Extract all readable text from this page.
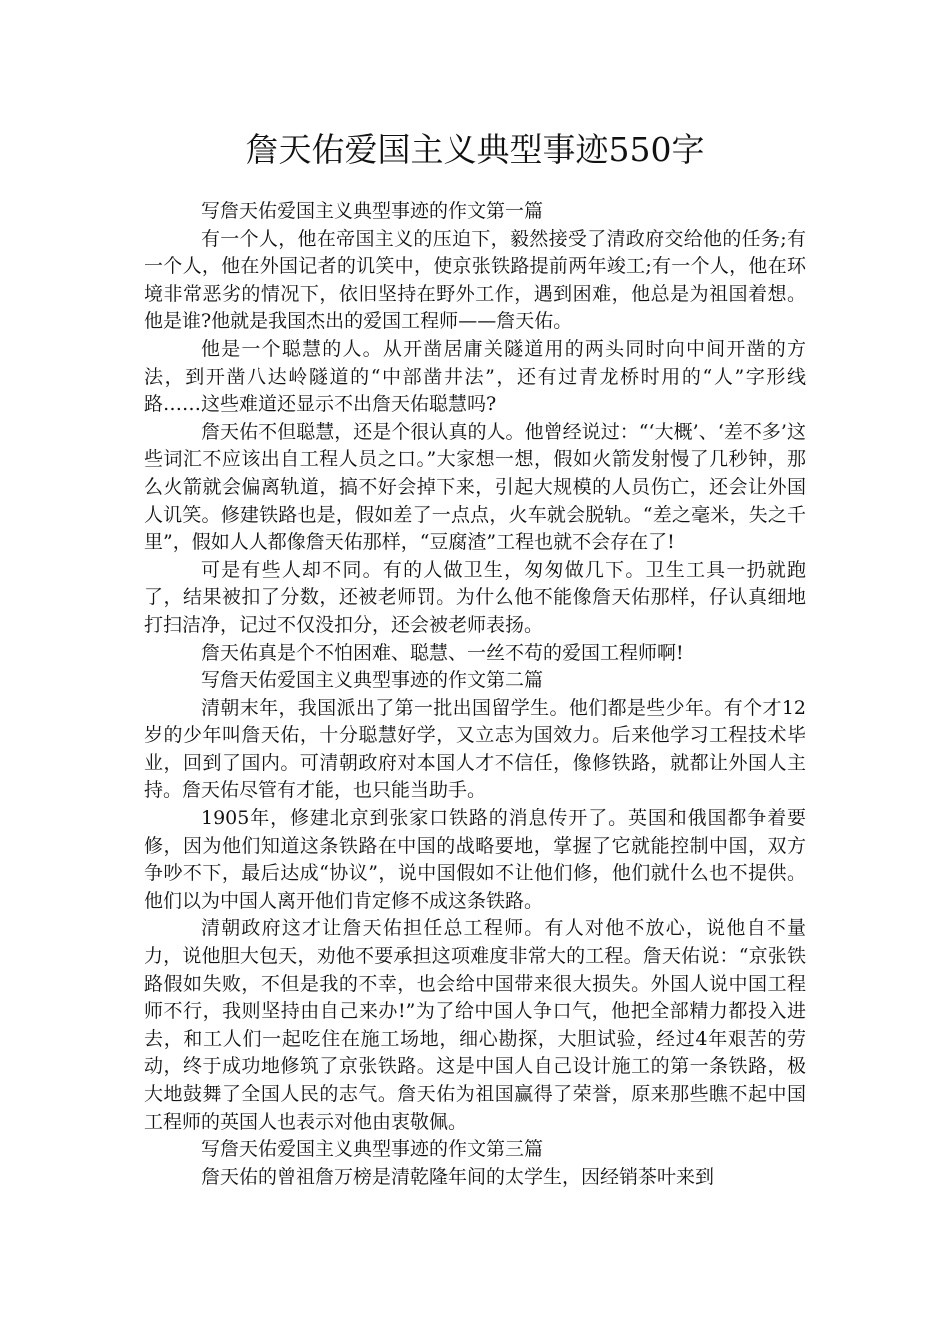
詹天佑爱国主义典型事迹550字

写詹天佑爱国主义典型事迹的作文第一篇

有一个人，他在帝国主义的压迫下，毅然接受了清政府交给他的任务;有一个人，他在外国记者的讥笑中，使京张铁路提前两年竣工;有一个人，他在环境非常恶劣的情况下，依旧坚持在野外工作，遇到困难，他总是为祖国着想。他是谁?他就是我国杰出的爱国工程师——詹天佑。

他是一个聪慧的人。从开凿居庸关隧道用的两头同时向中间开凿的方法，到开凿八达岭隧道的“中部凿井法”，还有过青龙桥时用的“人”字形线路……这些难道还显示不出詹天佑聪慧吗?

詹天佑不但聪慧，还是个很认真的人。他曾经说过：“‘大概’、‘差不多’这些词汇不应该出自工程人员之口。”大家想一想，假如火箭发射慢了几秒钟，那么火箭就会偏离轨道，搞不好会掉下来，引起大规模的人员伤亡，还会让外国人讥笑。修建铁路也是，假如差了一点点，火车就会脱轨。“差之毫米，失之千里”，假如人人都像詹天佑那样，“豆腐渣”工程也就不会存在了!

可是有些人却不同。有的人做卫生，匆匆做几下。卫生工具一扔就跑了，结果被扣了分数，还被老师罚。为什么他不能像詹天佑那样，仔认真细地打扫洁净，记过不仅没扣分，还会被老师表扬。

詹天佑真是个不怕困难、聪慧、一丝不苟的爱国工程师啊!

写詹天佑爱国主义典型事迹的作文第二篇

清朝末年，我国派出了第一批出国留学生。他们都是些少年。有个才12岁的少年叫詹天佑，十分聪慧好学，又立志为国效力。后来他学习工程技术毕业，回到了国内。可清朝政府对本国人才不信任，像修铁路，就都让外国人主持。詹天佑尽管有才能，也只能当助手。

1905年，修建北京到张家口铁路的消息传开了。英国和俄国都争着要修，因为他们知道这条铁路在中国的战略要地，掌握了它就能控制中国，双方争吵不下，最后达成“协议”，说中国假如不让他们修，他们就什么也不提供。他们以为中国人离开他们肯定修不成这条铁路。

清朝政府这才让詹天佑担任总工程师。有人对他不放心，说他自不量力，说他胆大包天，劝他不要承担这项难度非常大的工程。詹天佑说：“京张铁路假如失败，不但是我的不幸，也会给中国带来很大损失。外国人说中国工程师不行，我则坚持由自己来办!”为了给中国人争口气，他把全部精力都投入进去，和工人们一起吃住在施工场地，细心勘探，大胆试验，经过4年艰苦的劳动，终于成功地修筑了京张铁路。这是中国人自己设计施工的第一条铁路，极大地鼓舞了全国人民的志气。詹天佑为祖国赢得了荣誉，原来那些瞧不起中国工程师的英国人也表示对他由衷敬佩。

写詹天佑爱国主义典型事迹的作文第三篇

詹天佑的曾祖詹万榜是清乾隆年间的太学生，因经销茶叶来到
